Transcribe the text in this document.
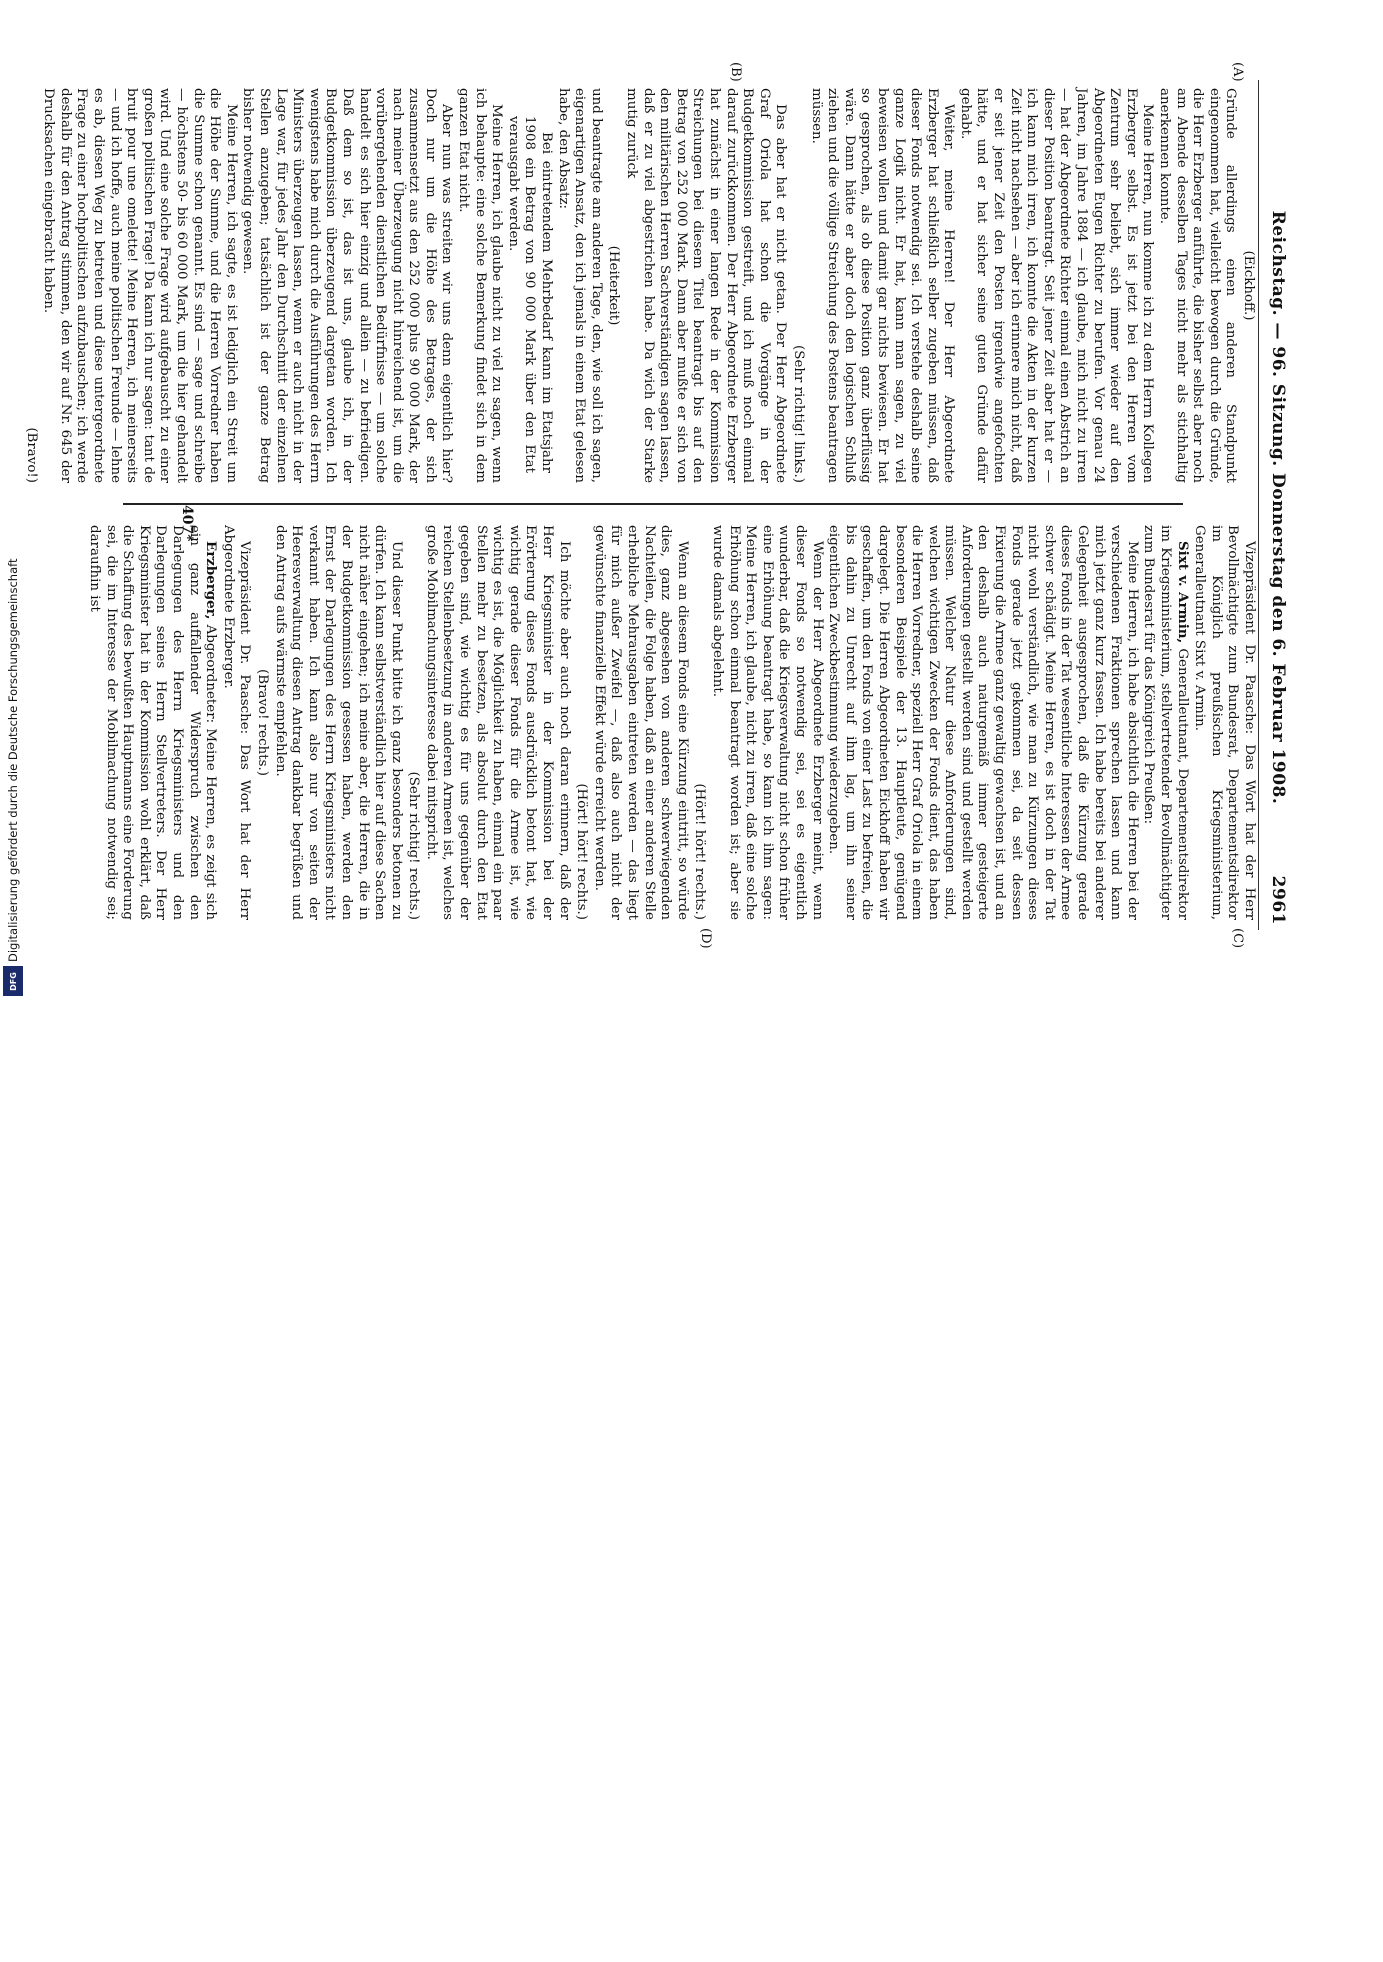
Reichstag. — 96. Sitzung. Donnerstag den 6. Februar 1908.
2961
(A)
(B)
(C)
(D)

(Eickhoff.)

Gründe allerdings einen anderen Standpunkt eingenommen hat, vielleicht bewogen durch die Gründe, die Herr Erzberger anführte, die bisher selbst aber noch am Abende desselben Tages nicht mehr als stichhaltig anerkennen konnte.

Meine Herren, nun komme ich zu dem Herrn Kollegen Erzberger selbst. Es ist jetzt bei den Herren vom Zentrum sehr beliebt, sich immer wieder auf den Abgeordneten Eugen Richter zu berufen. Vor genau 24 Jahren, im Jahre 1884 — ich glaube, mich nicht zu irren — hat der Abgeordnete Richter einmal einen Abstrich an dieser Position beantragt. Seit jener Zeit aber hat er — ich kann mich irren, ich konnte die Akten in der kurzen Zeit nicht nachsehen — aber ich erinnere mich nicht, daß er seit jener Zeit den Posten irgendwie angefochten hätte, und er hat sicher seine guten Gründe dafür gehabt.

Weiter, meine Herren! Der Herr Abgeordnete Erzberger hat schließlich selber zugeben müssen, daß dieser Fonds notwendig sei. Ich verstehe deshalb seine ganze Logik nicht. Er hat, kann man sagen, zu viel beweisen wollen und damit gar nichts bewiesen. Er hat so gesprochen, als ob diese Position ganz überflüssig wäre. Dann hätte er aber doch den logischen Schluß ziehen und die völlige Streichung des Postens beantragen müssen.

(Sehr richtig! links.)

Das aber hat er nicht getan. Der Herr Abgeordnete Graf Oriola hat schon die Vorgänge in der Budgetkommission gestreift, und ich muß noch einmal darauf zurückkommen. Der Herr Abgeordnete Erzberger hat zunächst in einer langen Rede in der Kommission Streichungen bei diesem Titel beantragt bis auf den Betrag von 252 000 Mark. Dann aber mußte er sich von den militärischen Herren Sachverständigen sagen lassen, daß er zu viel abgestrichen habe. Da wich der Starke mutig zurück

(Heiterkeit)

und beantragte am anderen Tage, den, wie soll ich sagen, eigenartigen Ansatz, den ich jemals in einem Etat gelesen habe, den Absatz:

Bei eintretendem Mehrbedarf kann im Etatsjahr 1908 ein Betrag von 90 000 Mark über den Etat verausgabt werden.

Meine Herren, ich glaube nicht zu viel zu sagen, wenn ich behaupte: eine solche Bemerkung findet sich in dem ganzen Etat nicht.

Aber nun was streiten wir uns denn eigentlich hier? Doch nur um die Höhe des Betrages, der sich zusammensetzt aus den 252 000 plus 90 000 Mark, der nach meiner Überzeugung nicht hinreichend ist, um die vorübergehenden dienstlichen Bedürfnisse — um solche handelt es sich hier einzig und allein — zu befriedigen. Daß dem so ist, das ist uns, glaube ich, in der Budgetkommission überzeugend dargetan worden. Ich wenigstens habe mich durch die Ausführungen des Herrn Ministers überzeugen lassen, wenn er auch nicht in der Lage war, für jedes Jahr den Durchschnitt der einzelnen Stellen anzugeben; tatsächlich ist der ganze Betrag bisher notwendig gewesen.

Meine Herren, ich sagte, es ist lediglich ein Streit um die Höhe der Summe, und die Herren Vorredner haben die Summe schon genannt. Es sind — sage und schreibe — höchstens 50- bis 60 000 Mark, um die hier gehandelt wird. Und eine solche Frage wird aufgebauscht zu einer großen politischen Frage! Da kann ich nur sagen: tant de bruit pour une omelette! Meine Herren, ich meinerseits — und ich hoffe, auch meine politischen Freunde — lehne es ab, diesen Weg zu betreten und diese untergeordnete Frage zu einer hochpolitischen aufzubauschen; ich werde deshalb für den Antrag stimmen, den wir auf Nr. 645 der Drucksachen eingebracht haben.

(Bravo!)

Vizepräsident Dr. Paasche: Das Wort hat der Herr Bevollmächtigte zum Bundesrat, Departementsdirektor im Königlich preußischen Kriegsministerium, Generalleutnant Sixt v. Armin.

Sixt v. Armin, Generalleutnant, Departementsdirektor im Kriegsministerium, stellvertretender Bevollmächtigter zum Bundesrat für das Königreich Preußen:

Meine Herren, ich habe absichtlich die Herren bei der verschiedenen Fraktionen sprechen lassen und kann mich jetzt ganz kurz fassen. Ich habe bereits bei anderer Gelegenheit ausgesprochen, daß die Kürzung gerade dieses Fonds in der Tat wesentliche Interessen der Armee schwer schädigt. Meine Herren, es ist doch in der Tat nicht wohl verständlich, wie man zu Kürzungen dieses Fonds gerade jetzt gekommen sei, da seit dessen Fixierung die Armee ganz gewaltig gewachsen ist, und an den deshalb auch naturgemäß immer gesteigerte Anforderungen gestellt werden sind und gestellt werden müssen. Welcher Natur diese Anforderungen sind, welchen wichtigen Zwecken der Fonds dient, das haben die Herren Vorredner, speziell Herr Graf Oriola in einem besonderen Beispiele der 13. Hauptleute, genügend dargelegt. Die Herren Abgeordneten Eickhoff haben wir geschaffen, um den Fonds von einer Last zu befreien, die bis dahin zu Unrecht auf ihm lag, um ihn seiner eigentlichen Zweckbestimmung wiederzugeben.

Wenn der Herr Abgeordnete Erzberger meint, wenn dieser Fonds so notwendig sei, sei es eigentlich wunderbar, daß die Kriegsverwaltung nicht schon früher eine Erhöhung beantragt habe, so kann ich ihm sagen: Meine Herren, ich glaube, nicht zu irren, daß eine solche Erhöhung schon einmal beantragt worden ist; aber sie wurde damals abgelehnt.

(Hört! hört! rechts.)

Wenn an diesem Fonds eine Kürzung eintritt, so würde dies, ganz abgesehen von anderen schwerwiegenden Nachteilen, die Folge haben, daß an einer anderen Stelle erhebliche Mehrausgaben eintreten werden — das liegt für mich außer Zweifel —, daß also auch nicht der gewünschte finanzielle Effekt würde erreicht werden.

(Hört! hört! rechts.)

Ich möchte aber auch noch daran erinnern, daß der Herr Kriegsminister in der Kommission bei der Erörterung dieses Fonds ausdrücklich betont hat, wie wichtig gerade dieser Fonds für die Armee ist, wie wichtig es ist, die Möglichkeit zu haben, einmal ein paar Stellen mehr zu besetzen, als absolut durch den Etat gegeben sind, wie wichtig es für uns gegenüber der reichen Stellenbesetzung in anderen Armeen ist, welches große Mobilmachungsinteresse dabei mitspricht.

(Sehr richtig! rechts.)

Und dieser Punkt bitte ich ganz besonders betonen zu dürfen. Ich kann selbstverständlich hier auf diese Sachen nicht näher eingehen; ich meine aber, die Herren, die in der Budgetkommission gesessen haben, werden den Ernst der Darlegungen des Herrn Kriegsministers nicht verkannt haben. Ich kann also nur von seiten der Heeresverwaltung diesen Antrag dankbar begrüßen und den Antrag aufs wärmste empfehlen.

(Bravo! rechts.)

Vizepräsident Dr. Paasche: Das Wort hat der Herr Abgeordnete Erzberger.

Erzberger, Abgeordneter: Meine Herren, es zeigt sich ein ganz auffallender Widerspruch zwischen den Darlegungen des Herrn Kriegsministers und den Darlegungen seines Herrn Stellvertreters. Der Herr Kriegsminister hat in der Kommission wohl erklärt, daß die Schaffung des bewußten Hauptmanns eine Forderung sei, die im Interesse der Mobilmachung notwendig sei; daraufhin ist

407*
Digitalisierung gefördert durch die Deutsche Forschungsgemeinschaft
DFG
